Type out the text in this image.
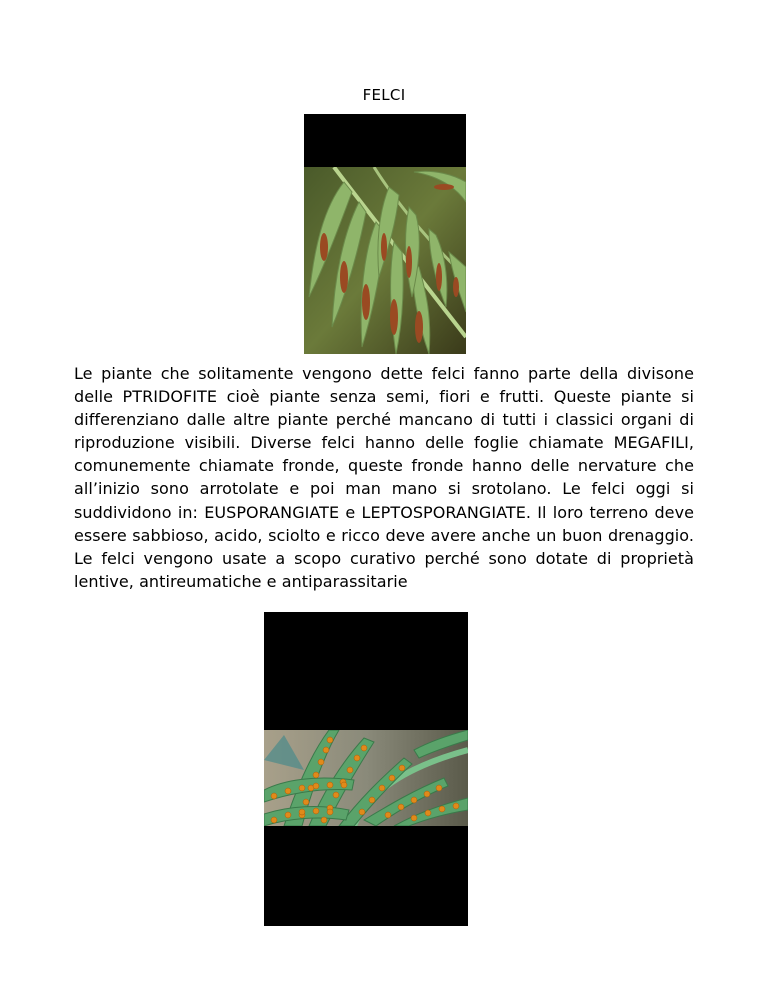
FELCI

Le piante che solitamente vengono dette felci fanno parte della divisone delle PTRIDOFITE cioè piante senza semi, fiori e frutti. Queste piante si differenziano dalle altre piante perché mancano di tutti i classici organi di riproduzione visibili. Diverse felci hanno delle foglie chiamate MEGAFILI, comunemente chiamate fronde, queste fronde hanno delle nervature che all’inizio sono arrotolate e poi man mano si srotolano. Le felci oggi si suddividono in: EUSPORANGIATE e LEPTOSPORANGIATE. Il loro terreno deve essere sabbioso, acido, sciolto e ricco deve avere anche un buon drenaggio. Le felci vengono usate a scopo curativo perché sono dotate di proprietà lentive, antireumatiche e antiparassitarie
